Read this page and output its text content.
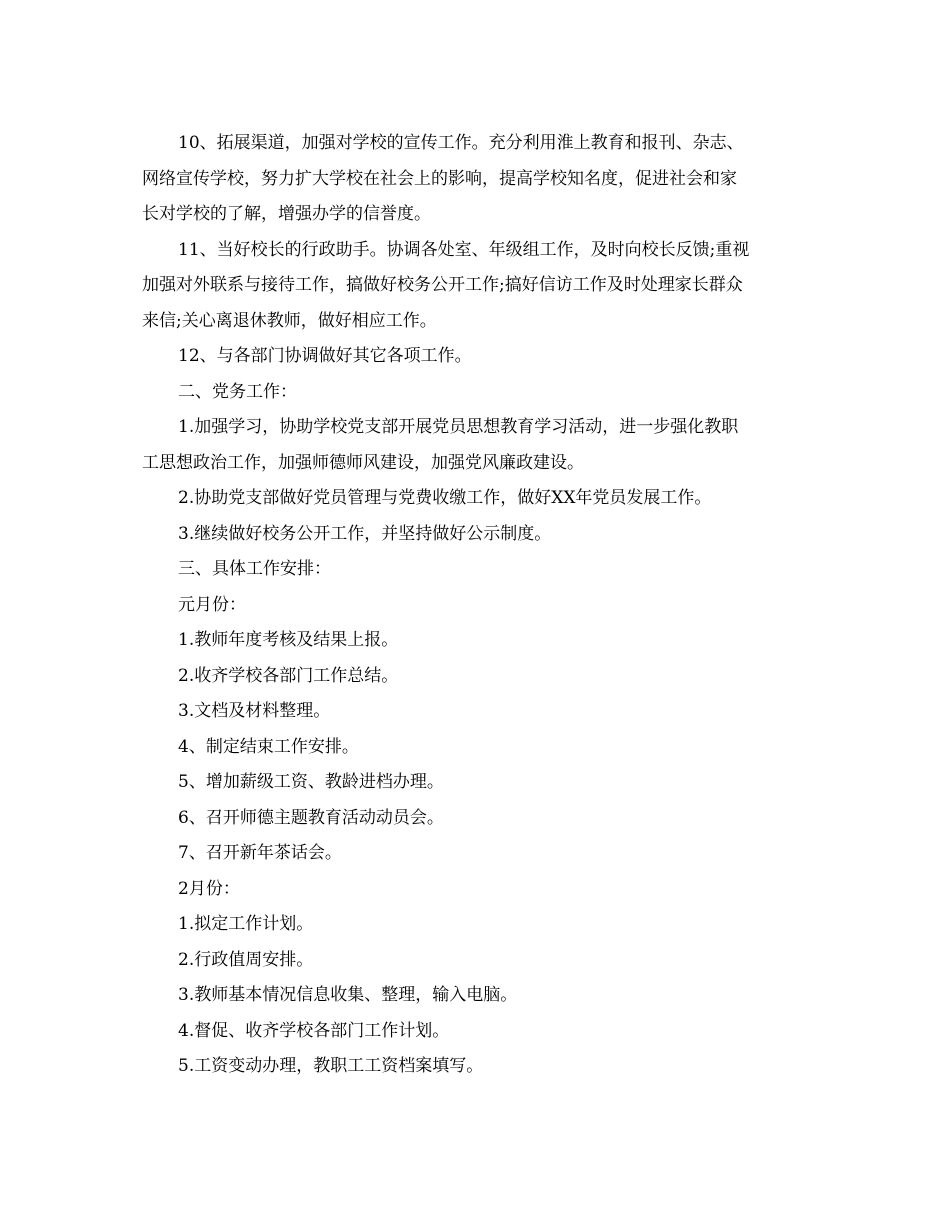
10、拓展渠道，加强对学校的宣传工作。充分利用淮上教育和报刊、杂志、
网络宣传学校，努力扩大学校在社会上的影响，提高学校知名度，促进社会和家
长对学校的了解，增强办学的信誉度。

11、当好校长的行政助手。协调各处室、年级组工作，及时向校长反馈;重视
加强对外联系与接待工作，搞做好校务公开工作;搞好信访工作及时处理家长群众
来信;关心离退休教师，做好相应工作。

12、与各部门协调做好其它各项工作。

二、党务工作：

1.加强学习，协助学校党支部开展党员思想教育学习活动，进一步强化教职
工思想政治工作，加强师德师风建设，加强党风廉政建设。

2.协助党支部做好党员管理与党费收缴工作，做好XX年党员发展工作。

3.继续做好校务公开工作，并坚持做好公示制度。

三、具体工作安排：

元月份：

1.教师年度考核及结果上报。

2.收齐学校各部门工作总结。

3.文档及材料整理。

4、制定结束工作安排。

5、增加薪级工资、教龄进档办理。

6、召开师德主题教育活动动员会。

7、召开新年茶话会。

2月份：

1.拟定工作计划。

2.行政值周安排。

3.教师基本情况信息收集、整理，输入电脑。

4.督促、收齐学校各部门工作计划。

5.工资变动办理，教职工工资档案填写。
